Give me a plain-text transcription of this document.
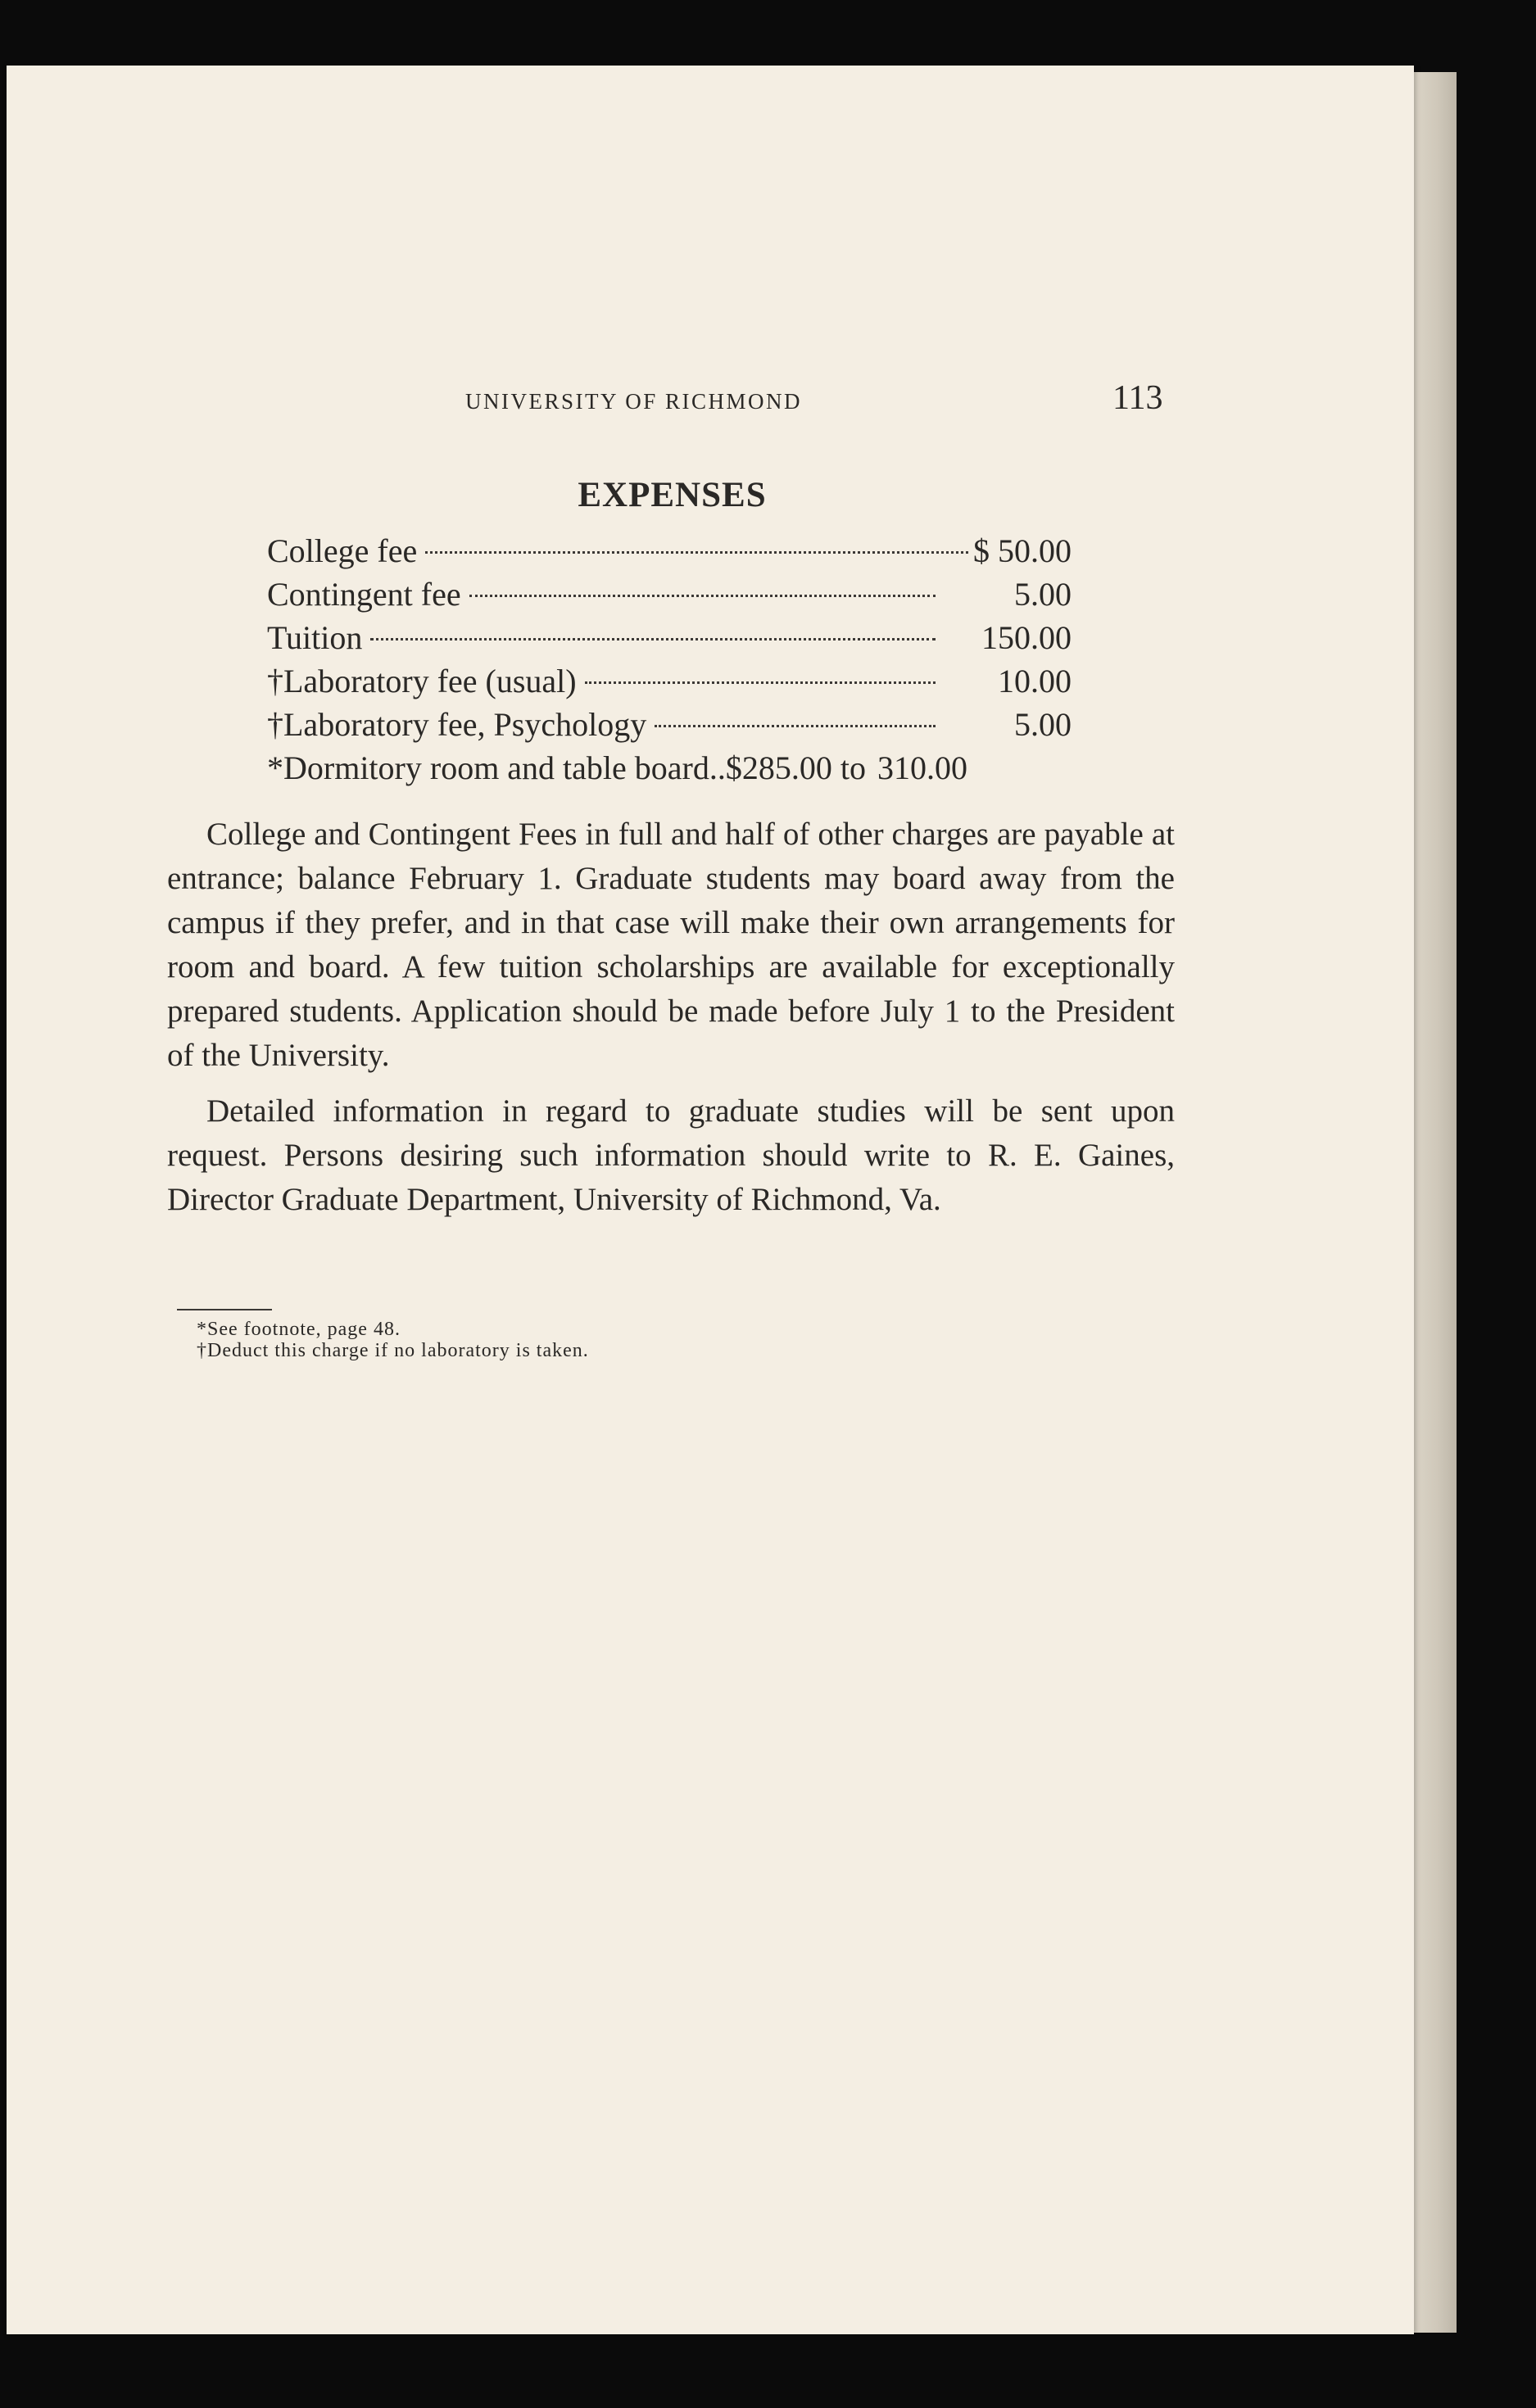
UNIVERSITY OF RICHMOND	113
EXPENSES
College fee	$ 50.00
Contingent fee	5.00
Tuition	150.00
†Laboratory fee (usual)	10.00
†Laboratory fee, Psychology	5.00
*Dormitory room and table board..$285.00 to 310.00

College and Contingent Fees in full and half of other charges are payable at entrance; balance February 1. Graduate students may board away from the campus if they prefer, and in that case will make their own arrangements for room and board. A few tuition scholarships are available for exceptionally prepared students. Application should be made before July 1 to the President of the University.

Detailed information in regard to graduate studies will be sent upon request. Persons desiring such information should write to R. E. Gaines, Director Graduate Department, University of Richmond, Va.

*See footnote, page 48.
†Deduct this charge if no laboratory is taken.
